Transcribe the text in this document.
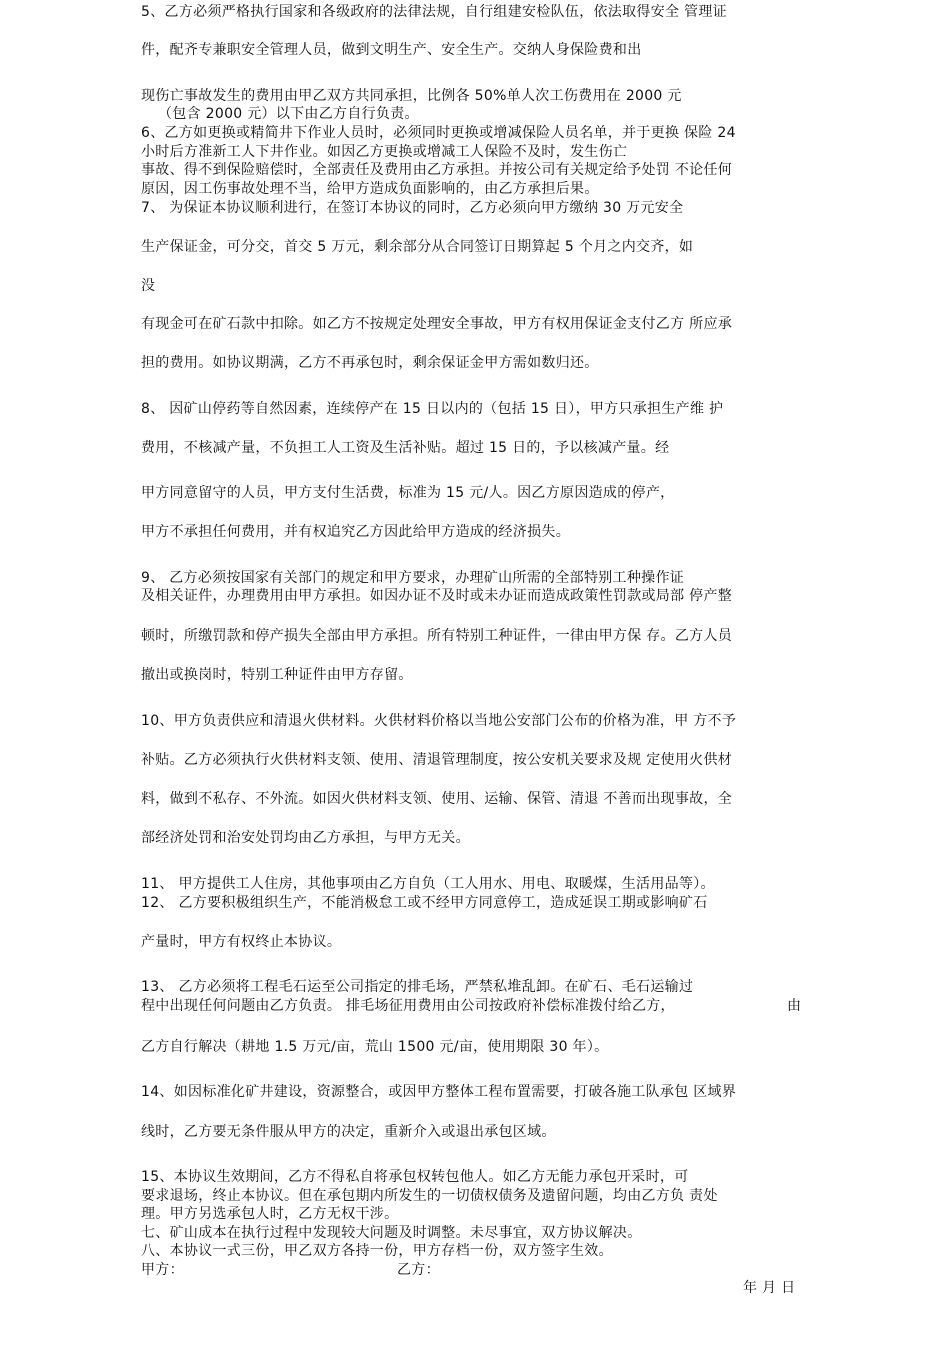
5、乙方必须严格执行国家和各级政府的法律法规，自行组建安检队伍，依法取得安全 管理证
件，配齐专兼职安全管理人员，做到文明生产、安全生产。交纳人身保险费和出
现伤亡事故发生的费用由甲乙双方共同承担，比例各 50%单人次工伤费用在 2000 元
（包含 2000 元）以下由乙方自行负责。
6、乙方如更换或精简井下作业人员时，必须同时更换或增减保险人员名单，并于更换 保险 24
小时后方准新工人下井作业。如因乙方更换或增减工人保险不及时，发生伤亡
事故、得不到保险赔偿时，全部责任及费用由乙方承担。并按公司有关规定给予处罚 不论任何
原因，因工伤事故处理不当，给甲方造成负面影响的，由乙方承担后果。
7、 为保证本协议顺利进行，在签订本协议的同时，乙方必须向甲方缴纳 30 万元安全
生产保证金，可分交，首交 5 万元，剩余部分从合同签订日期算起 5 个月之内交齐，如
没
有现金可在矿石款中扣除。如乙方不按规定处理安全事故，甲方有权用保证金支付乙方 所应承
担的费用。如协议期满，乙方不再承包时，剩余保证金甲方需如数归还。
8、 因矿山停药等自然因素，连续停产在 15 日以内的（包括 15 日），甲方只承担生产维 护
费用，不核减产量，不负担工人工资及生活补贴。超过 15 日的，予以核减产量。经
甲方同意留守的人员，甲方支付生活费，标准为 15 元/人。因乙方原因造成的停产，
甲方不承担任何费用，并有权追究乙方因此给甲方造成的经济损失。
9、 乙方必须按国家有关部门的规定和甲方要求，办理矿山所需的全部特别工种操作证
及相关证件，办理费用由甲方承担。如因办证不及时或未办证而造成政策性罚款或局部 停产整
顿时，所缴罚款和停产损失全部由甲方承担。所有特别工种证件，一律由甲方保 存。乙方人员
撤出或换岗时，特别工种证件由甲方存留。
10、甲方负责供应和清退火供材料。火供材料价格以当地公安部门公布的价格为准，甲 方不予
补贴。乙方必须执行火供材料支领、使用、清退管理制度，按公安机关要求及规 定使用火供材
料，做到不私存、不外流。如因火供材料支领、使用、运输、保管、清退 不善而出现事故，全
部经济处罚和治安处罚均由乙方承担，与甲方无关。
11、 甲方提供工人住房，其他事项由乙方自负（工人用水、用电、取暖煤，生活用品等）。
12、 乙方要积极组织生产，不能消极怠工或不经甲方同意停工，造成延误工期或影响矿石
产量时，甲方有权终止本协议。
13、 乙方必须将工程毛石运至公司指定的排毛场，严禁私堆乱卸。在矿石、毛石运输过
程中出现任何问题由乙方负责。 排毛场征用费用由公司按政府补偿标准拨付给乙方，	由
乙方自行解决（耕地 1.5 万元/亩，荒山 1500 元/亩，使用期限 30 年）。
14、如因标准化矿井建设，资源整合，或因甲方整体工程布置需要，打破各施工队承包 区域界
线时，乙方要无条件服从甲方的决定，重新介入或退出承包区域。
15、本协议生效期间，乙方不得私自将承包权转包他人。如乙方无能力承包开采时，可
要求退场，终止本协议。但在承包期内所发生的一切债权债务及遗留问题，均由乙方负 责处
理。甲方另选承包人时，乙方无权干涉。
七、矿山成本在执行过程中发现较大问题及时调整。未尽事宜，双方协议解决。
八、本协议一式三份，甲乙双方各持一份，甲方存档一份，双方签字生效。
甲方：	乙方：
年 月 日
